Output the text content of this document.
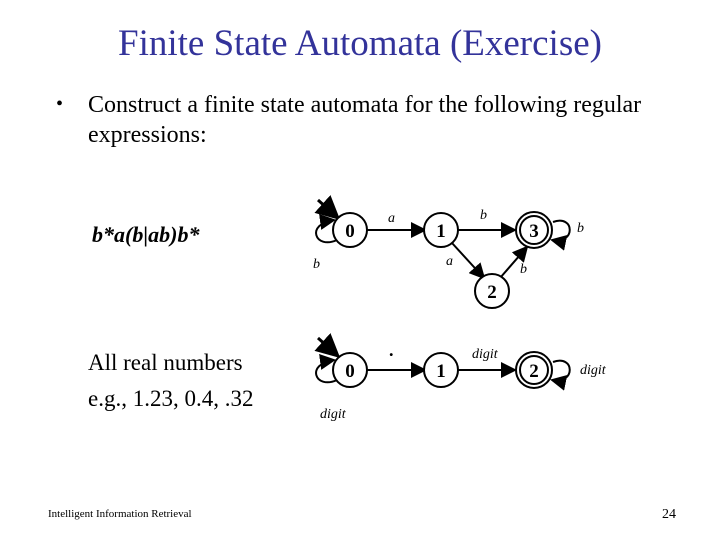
Finite State Automata (Exercise)
• Construct a finite state automata for the following regular expressions:
b*a(b|ab)b*
All real numbers
e.g., 1.23, 0.4, .32
0	1	3
2
b
a	b
a
b
b
0	1	2
digit
.	digit
digit
Intelligent Information Retrieval	24
